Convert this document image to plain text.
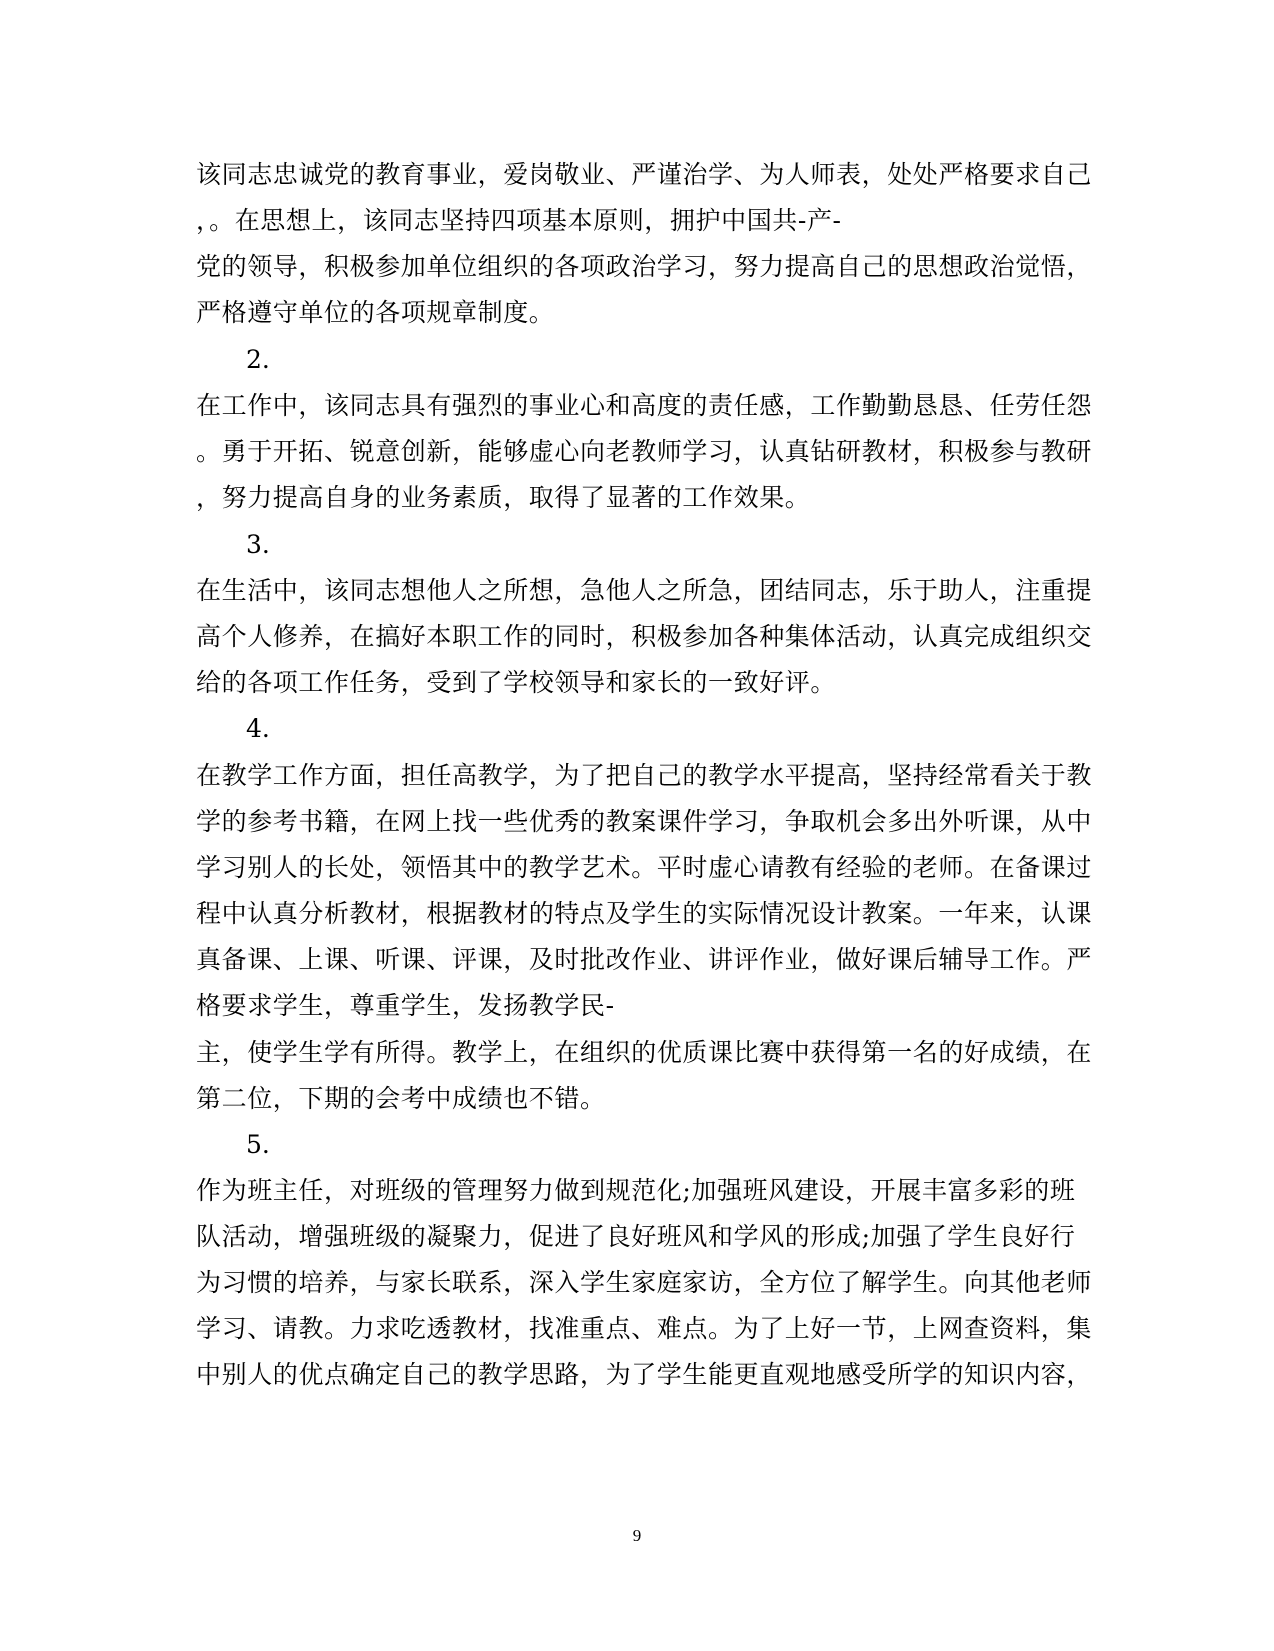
该同志忠诚党的教育事业，爱岗敬业、严谨治学、为人师表，处处严格要求自己
，。在思想上，该同志坚持四项基本原则，拥护中国共-产-
党的领导，积极参加单位组织的各项政治学习，努力提高自己的思想政治觉悟，
严格遵守单位的各项规章制度。
2.
在工作中，该同志具有强烈的事业心和高度的责任感，工作勤勤恳恳、任劳任怨
。勇于开拓、锐意创新，能够虚心向老教师学习，认真钻研教材，积极参与教研
，努力提高自身的业务素质，取得了显著的工作效果。
3.
在生活中，该同志想他人之所想，急他人之所急，团结同志，乐于助人，注重提
高个人修养，在搞好本职工作的同时，积极参加各种集体活动，认真完成组织交
给的各项工作任务，受到了学校领导和家长的一致好评。
4.
在教学工作方面，担任高教学，为了把自己的教学水平提高，坚持经常看关于教
学的参考书籍，在网上找一些优秀的教案课件学习，争取机会多出外听课，从中
学习别人的长处，领悟其中的教学艺术。平时虚心请教有经验的老师。在备课过
程中认真分析教材，根据教材的特点及学生的实际情况设计教案。一年来，认课
真备课、上课、听课、评课，及时批改作业、讲评作业，做好课后辅导工作。严
格要求学生，尊重学生，发扬教学民-
主，使学生学有所得。教学上，在组织的优质课比赛中获得第一名的好成绩，在
第二位，下期的会考中成绩也不错。
5.
作为班主任，对班级的管理努力做到规范化;加强班风建设，开展丰富多彩的班
队活动，增强班级的凝聚力，促进了良好班风和学风的形成;加强了学生良好行
为习惯的培养，与家长联系，深入学生家庭家访，全方位了解学生。向其他老师
学习、请教。力求吃透教材，找准重点、难点。为了上好一节，上网查资料，集
中别人的优点确定自己的教学思路，为了学生能更直观地感受所学的知识内容，
9
